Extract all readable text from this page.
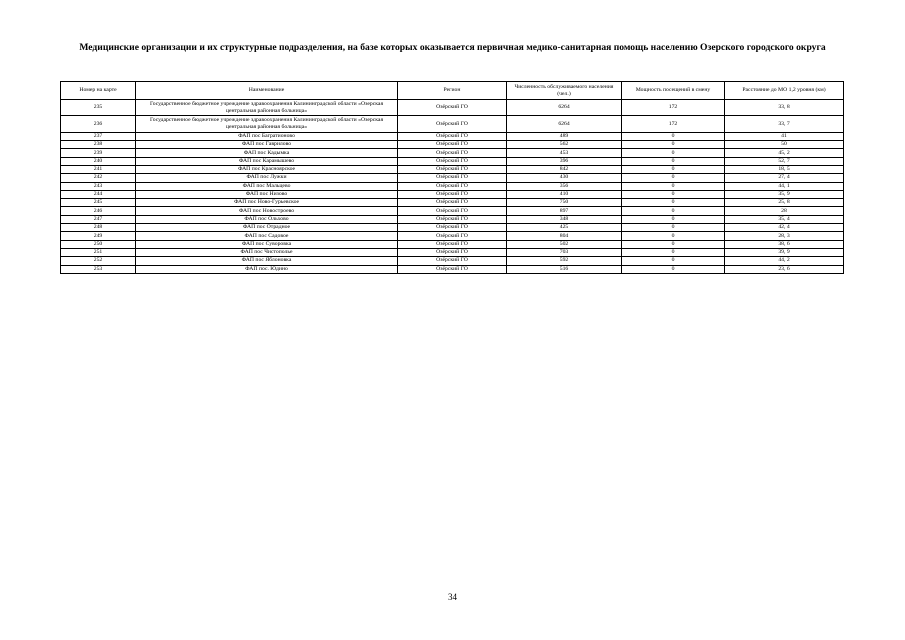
Медицинские организации и их структурные подразделения, на базе которых оказывается первичная медико-санитарная помощь населению Озерского городского округа
Номер на карте	Наименование	Регион	Численность обслуживаемого населения (чел.)	Мощность посещений в смену	Расстояние до МО 1,2 уровня (км)
235	Государственное бюджетное учреждение здравоохранения Калининградской области «Озерская центральная районная больница»	Озёрский ГО	6264	172	33, 8
236	Государственное бюджетное учреждение здравоохранения Калининградской области «Озерская центральная районная больница»	Озёрский ГО	6264	172	33, 7
237	ФАП пос Багратионово	Озёрский ГО	489	0	41
238	ФАП пос Гаврилово	Озёрский ГО	562	0	50
239	ФАП пос Кадымка	Озёрский ГО	453	0	45, 2
240	ФАП пос Карамышево	Озёрский ГО	396	0	52, 7
241	ФАП пос Красноярское	Озёрский ГО	842	0	18, 5
242	ФАП пос Лужки	Озёрский ГО	430	0	27, 4
243	ФАП пос Мальцево	Озёрский ГО	356	0	44, 1
244	ФАП пос Низово	Озёрский ГО	410	0	35, 9
245	ФАП пос Ново-Гурьевское	Озёрский ГО	750	0	25, 8
246	ФАП пос Новостроево	Озёрский ГО	897	0	28
247	ФАП пос Ольхово	Озёрский ГО	348	0	35, 4
248	ФАП пос Отрадное	Озёрский ГО	425	0	42, 4
249	ФАП пос Садовое	Озёрский ГО	804	0	28, 3
250	ФАП пос Суворовка	Озёрский ГО	502	0	38, 6
251	ФАП пос Чистополье	Озёрский ГО	703	0	39, 9
252	ФАП пос Яблоновка	Озёрский ГО	592	0	44, 2
253	ФАП пос. Юдино	Озёрский ГО	516	0	23, 6
34
